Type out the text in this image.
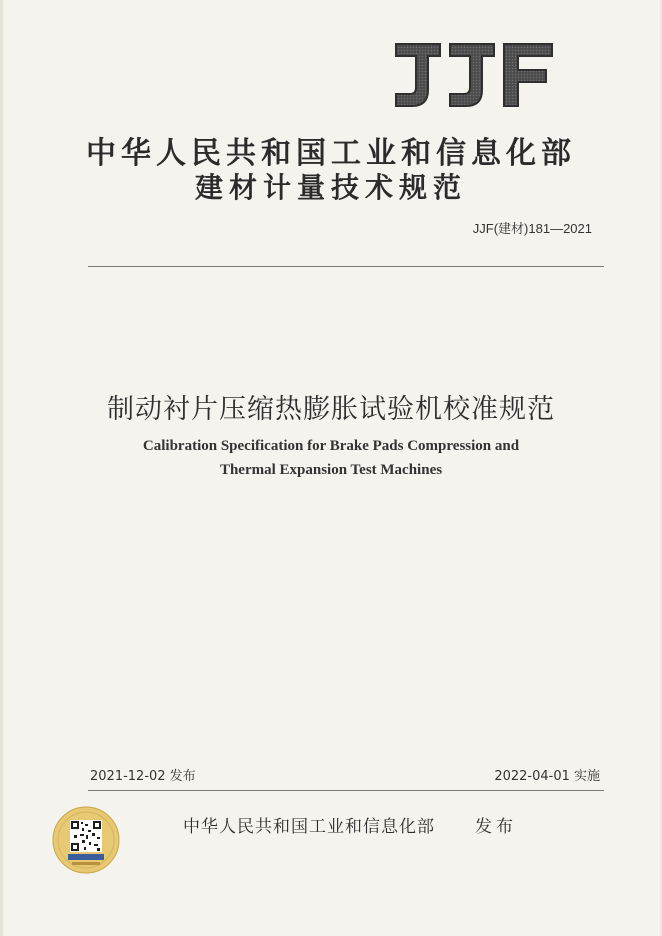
中华人民共和国工业和信息化部
建材计量技术规范
JJF(建材)181—2021
制动衬片压缩热膨胀试验机校准规范
Calibration Specification for Brake Pads Compression and
Thermal Expansion Test Machines
2021-12-02 发布	2022-04-01 实施
中华人民共和国工业和信息化部 发布
